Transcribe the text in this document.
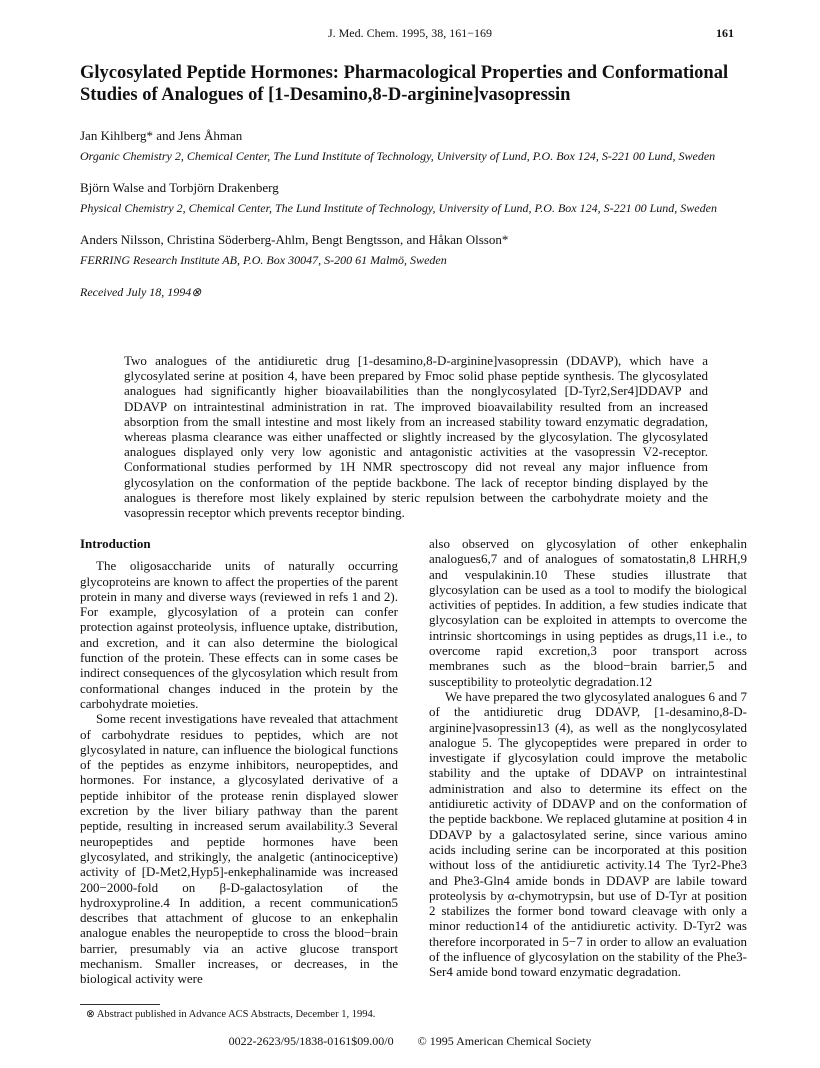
J. Med. Chem. 1995, 38, 161−169	161
Glycosylated Peptide Hormones: Pharmacological Properties and Conformational Studies of Analogues of [1-Desamino,8-D-arginine]vasopressin

Jan Kihlberg* and Jens Åhman

Organic Chemistry 2, Chemical Center, The Lund Institute of Technology, University of Lund, P.O. Box 124, S-221 00 Lund, Sweden

Björn Walse and Torbjörn Drakenberg

Physical Chemistry 2, Chemical Center, The Lund Institute of Technology, University of Lund, P.O. Box 124, S-221 00 Lund, Sweden

Anders Nilsson, Christina Söderberg-Ahlm, Bengt Bengtsson, and Håkan Olsson*

FERRING Research Institute AB, P.O. Box 30047, S-200 61 Malmö, Sweden

Received July 18, 1994⊗

Two analogues of the antidiuretic drug [1-desamino,8-D-arginine]vasopressin (DDAVP), which have a glycosylated serine at position 4, have been prepared by Fmoc solid phase peptide synthesis. The glycosylated analogues had significantly higher bioavailabilities than the nonglycosylated [D-Tyr2,Ser4]DDAVP and DDAVP on intraintestinal administration in rat. The improved bioavailability resulted from an increased absorption from the small intestine and most likely from an increased stability toward enzymatic degradation, whereas plasma clearance was either unaffected or slightly increased by the glycosylation. The glycosylated analogues displayed only very low agonistic and antagonistic activities at the vasopressin V2-receptor. Conformational studies performed by 1H NMR spectroscopy did not reveal any major influence from glycosylation on the conformation of the peptide backbone. The lack of receptor binding displayed by the analogues is therefore most likely explained by steric repulsion between the carbohydrate moiety and the vasopressin receptor which prevents receptor binding.

Introduction

The oligosaccharide units of naturally occurring glycoproteins are known to affect the properties of the parent protein in many and diverse ways (reviewed in refs 1 and 2). For example, glycosylation of a protein can confer protection against proteolysis, influence uptake, distribution, and excretion, and it can also determine the biological function of the protein. These effects can in some cases be indirect consequences of the glycosylation which result from conformational changes induced in the protein by the carbohydrate moieties.

Some recent investigations have revealed that attachment of carbohydrate residues to peptides, which are not glycosylated in nature, can influence the biological functions of the peptides as enzyme inhibitors, neuropeptides, and hormones. For instance, a glycosylated derivative of a peptide inhibitor of the protease renin displayed slower excretion by the liver biliary pathway than the parent peptide, resulting in increased serum availability.3 Several neuropeptides and peptide hormones have been glycosylated, and strikingly, the analgetic (antinociceptive) activity of [D-Met2,Hyp5]-enkephalinamide was increased 200−2000-fold on β-D-galactosylation of the hydroxyproline.4 In addition, a recent communication5 describes that attachment of glucose to an enkephalin analogue enables the neuropeptide to cross the blood−brain barrier, presumably via an active glucose transport mechanism. Smaller increases, or decreases, in the biological activity were

also observed on glycosylation of other enkephalin analogues6,7 and of analogues of somatostatin,8 LHRH,9 and vespulakinin.10 These studies illustrate that glycosylation can be used as a tool to modify the biological activities of peptides. In addition, a few studies indicate that glycosylation can be exploited in attempts to overcome the intrinsic shortcomings in using peptides as drugs,11 i.e., to overcome rapid excretion,3 poor transport across membranes such as the blood−brain barrier,5 and susceptibility to proteolytic degradation.12

We have prepared the two glycosylated analogues 6 and 7 of the antidiuretic drug DDAVP, [1-desamino,8-D-arginine]vasopressin13 (4), as well as the nonglycosylated analogue 5. The glycopeptides were prepared in order to investigate if glycosylation could improve the metabolic stability and the uptake of DDAVP on intraintestinal administration and also to determine its effect on the antidiuretic activity of DDAVP and on the conformation of the peptide backbone. We replaced glutamine at position 4 in DDAVP by a galactosylated serine, since various amino acids including serine can be incorporated at this position without loss of the antidiuretic activity.14 The Tyr2-Phe3 and Phe3-Gln4 amide bonds in DDAVP are labile toward proteolysis by α-chymotrypsin, but use of D-Tyr at position 2 stabilizes the former bond toward cleavage with only a minor reduction14 of the antidiuretic activity. D-Tyr2 was therefore incorporated in 5−7 in order to allow an evaluation of the influence of glycosylation on the stability of the Phe3-Ser4 amide bond toward enzymatic degradation.

⊗ Abstract published in Advance ACS Abstracts, December 1, 1994.
0022-2623/95/1838-0161$09.00/0 © 1995 American Chemical Society
